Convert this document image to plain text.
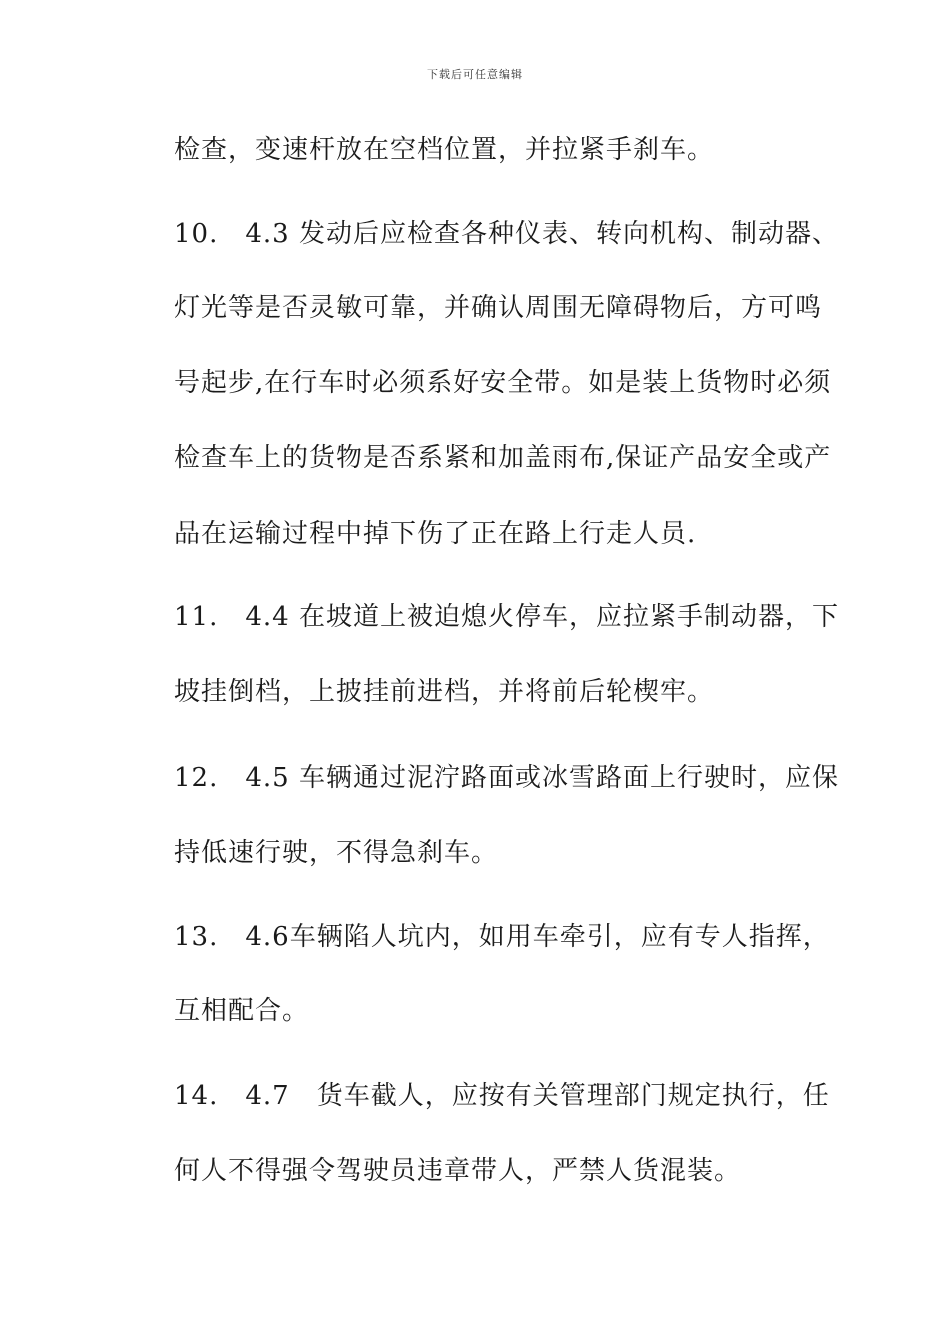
下载后可任意编辑
检查，变速杆放在空档位置，并拉紧手刹车。
10.　4.3 发动后应检查各种仪表、转向机构、制动器、
灯光等是否灵敏可靠，并确认周围无障碍物后，方可鸣
号起步,在行车时必须系好安全带。如是装上货物时必须
检查车上的货物是否系紧和加盖雨布,保证产品安全或产
品在运输过程中掉下伤了正在路上行走人员.
11.　4.4 在坡道上被迫熄火停车，应拉紧手制动器，下
坡挂倒档，上披挂前进档，并将前后轮楔牢。
12.　4.5 车辆通过泥泞路面或冰雪路面上行驶时，应保
持低速行驶，不得急刹车。
13.　4.6车辆陷人坑内，如用车牵引，应有专人指挥，
互相配合。
14.　4.7　货车截人，应按有关管理部门规定执行，任
何人不得强令驾驶员违章带人，严禁人货混装。
